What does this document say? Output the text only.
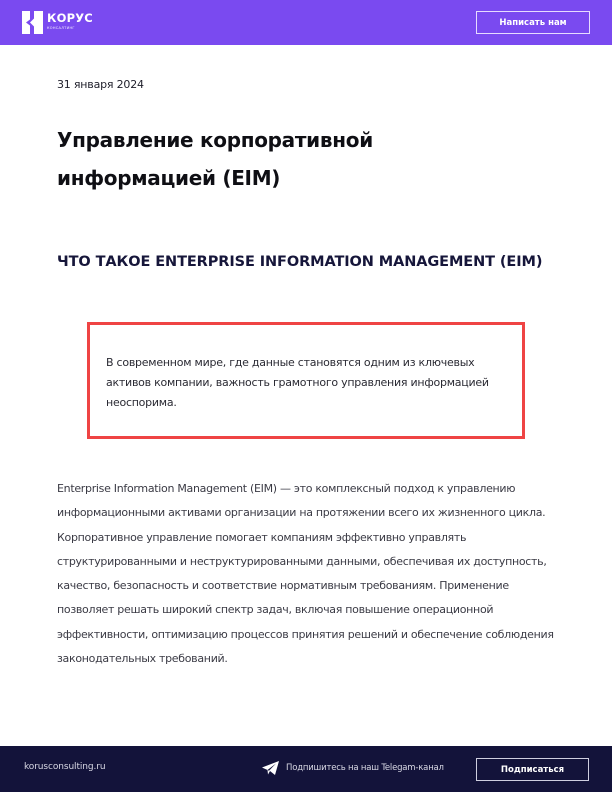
КОРУС
КОНСАЛТИНГ
Написать нам
31 января 2024
Управление корпоративной информацией (EIM)
ЧТО ТАКОЕ ENTERPRISE INFORMATION MANAGEMENT (EIM)

В современном мире, где данные становятся одним из ключевых активов компании, важность грамотного управления информацией неоспорима.

Enterprise Information Management (EIM) — это комплексный подход к управлению информационными активами организации на протяжении всего их жизненного цикла. Корпоративное управление помогает компаниям эффективно управлять структурированными и неструктурированными данными, обеспечивая их доступность, качество, безопасность и соответствие нормативным требованиям. Применение позволяет решать широкий спектр задач, включая повышение операционной эффективности, оптимизацию процессов принятия решений и обеспечение соблюдения законодательных требований.

korusconsulting.ru	Подпишитесь на наш Telegam-канал	Подписаться
